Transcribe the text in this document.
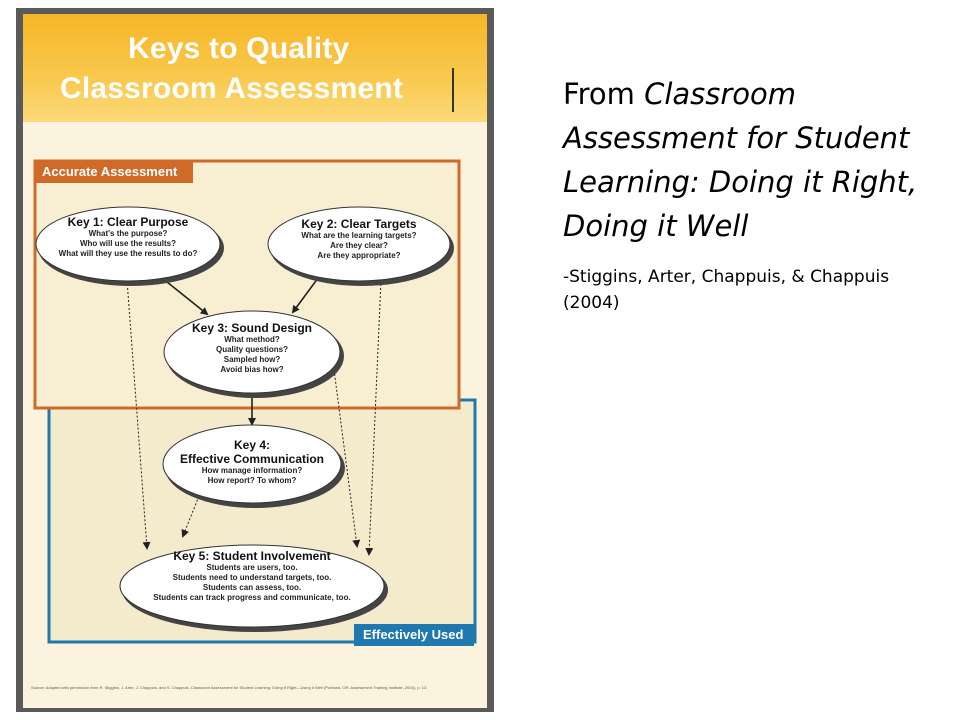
Keys to Quality
Classroom Assessment
Accurate Assessment
Effectively Used
Key 1: Clear Purpose
What's the purpose?
Who will use the results?
What will they use the results to do?
Key 2: Clear Targets
What are the learning targets?
Are they clear?
Are they appropriate?
Key 3: Sound Design
What method?
Quality questions?
Sampled how?
Avoid bias how?
Key 4:
Effective Communication
How manage information?
How report? To whom?
Key 5: Student Involvement
Students are users, too.
Students need to understand targets, too.
Students can assess, too.
Students can track progress and communicate, too.
Source: Adapted with permission from R. Stiggins, J. Arter, J. Chappuis, and S. Chappuis, Classroom Assessment for Student Learning: Doing It Right—Using It Well (Portland, OR: Assessment Training Institute, 2004), p. 13.
From Classroom Assessment for Student Learning: Doing it Right, Doing it Well
-Stiggins, Arter, Chappuis, & Chappuis (2004)
